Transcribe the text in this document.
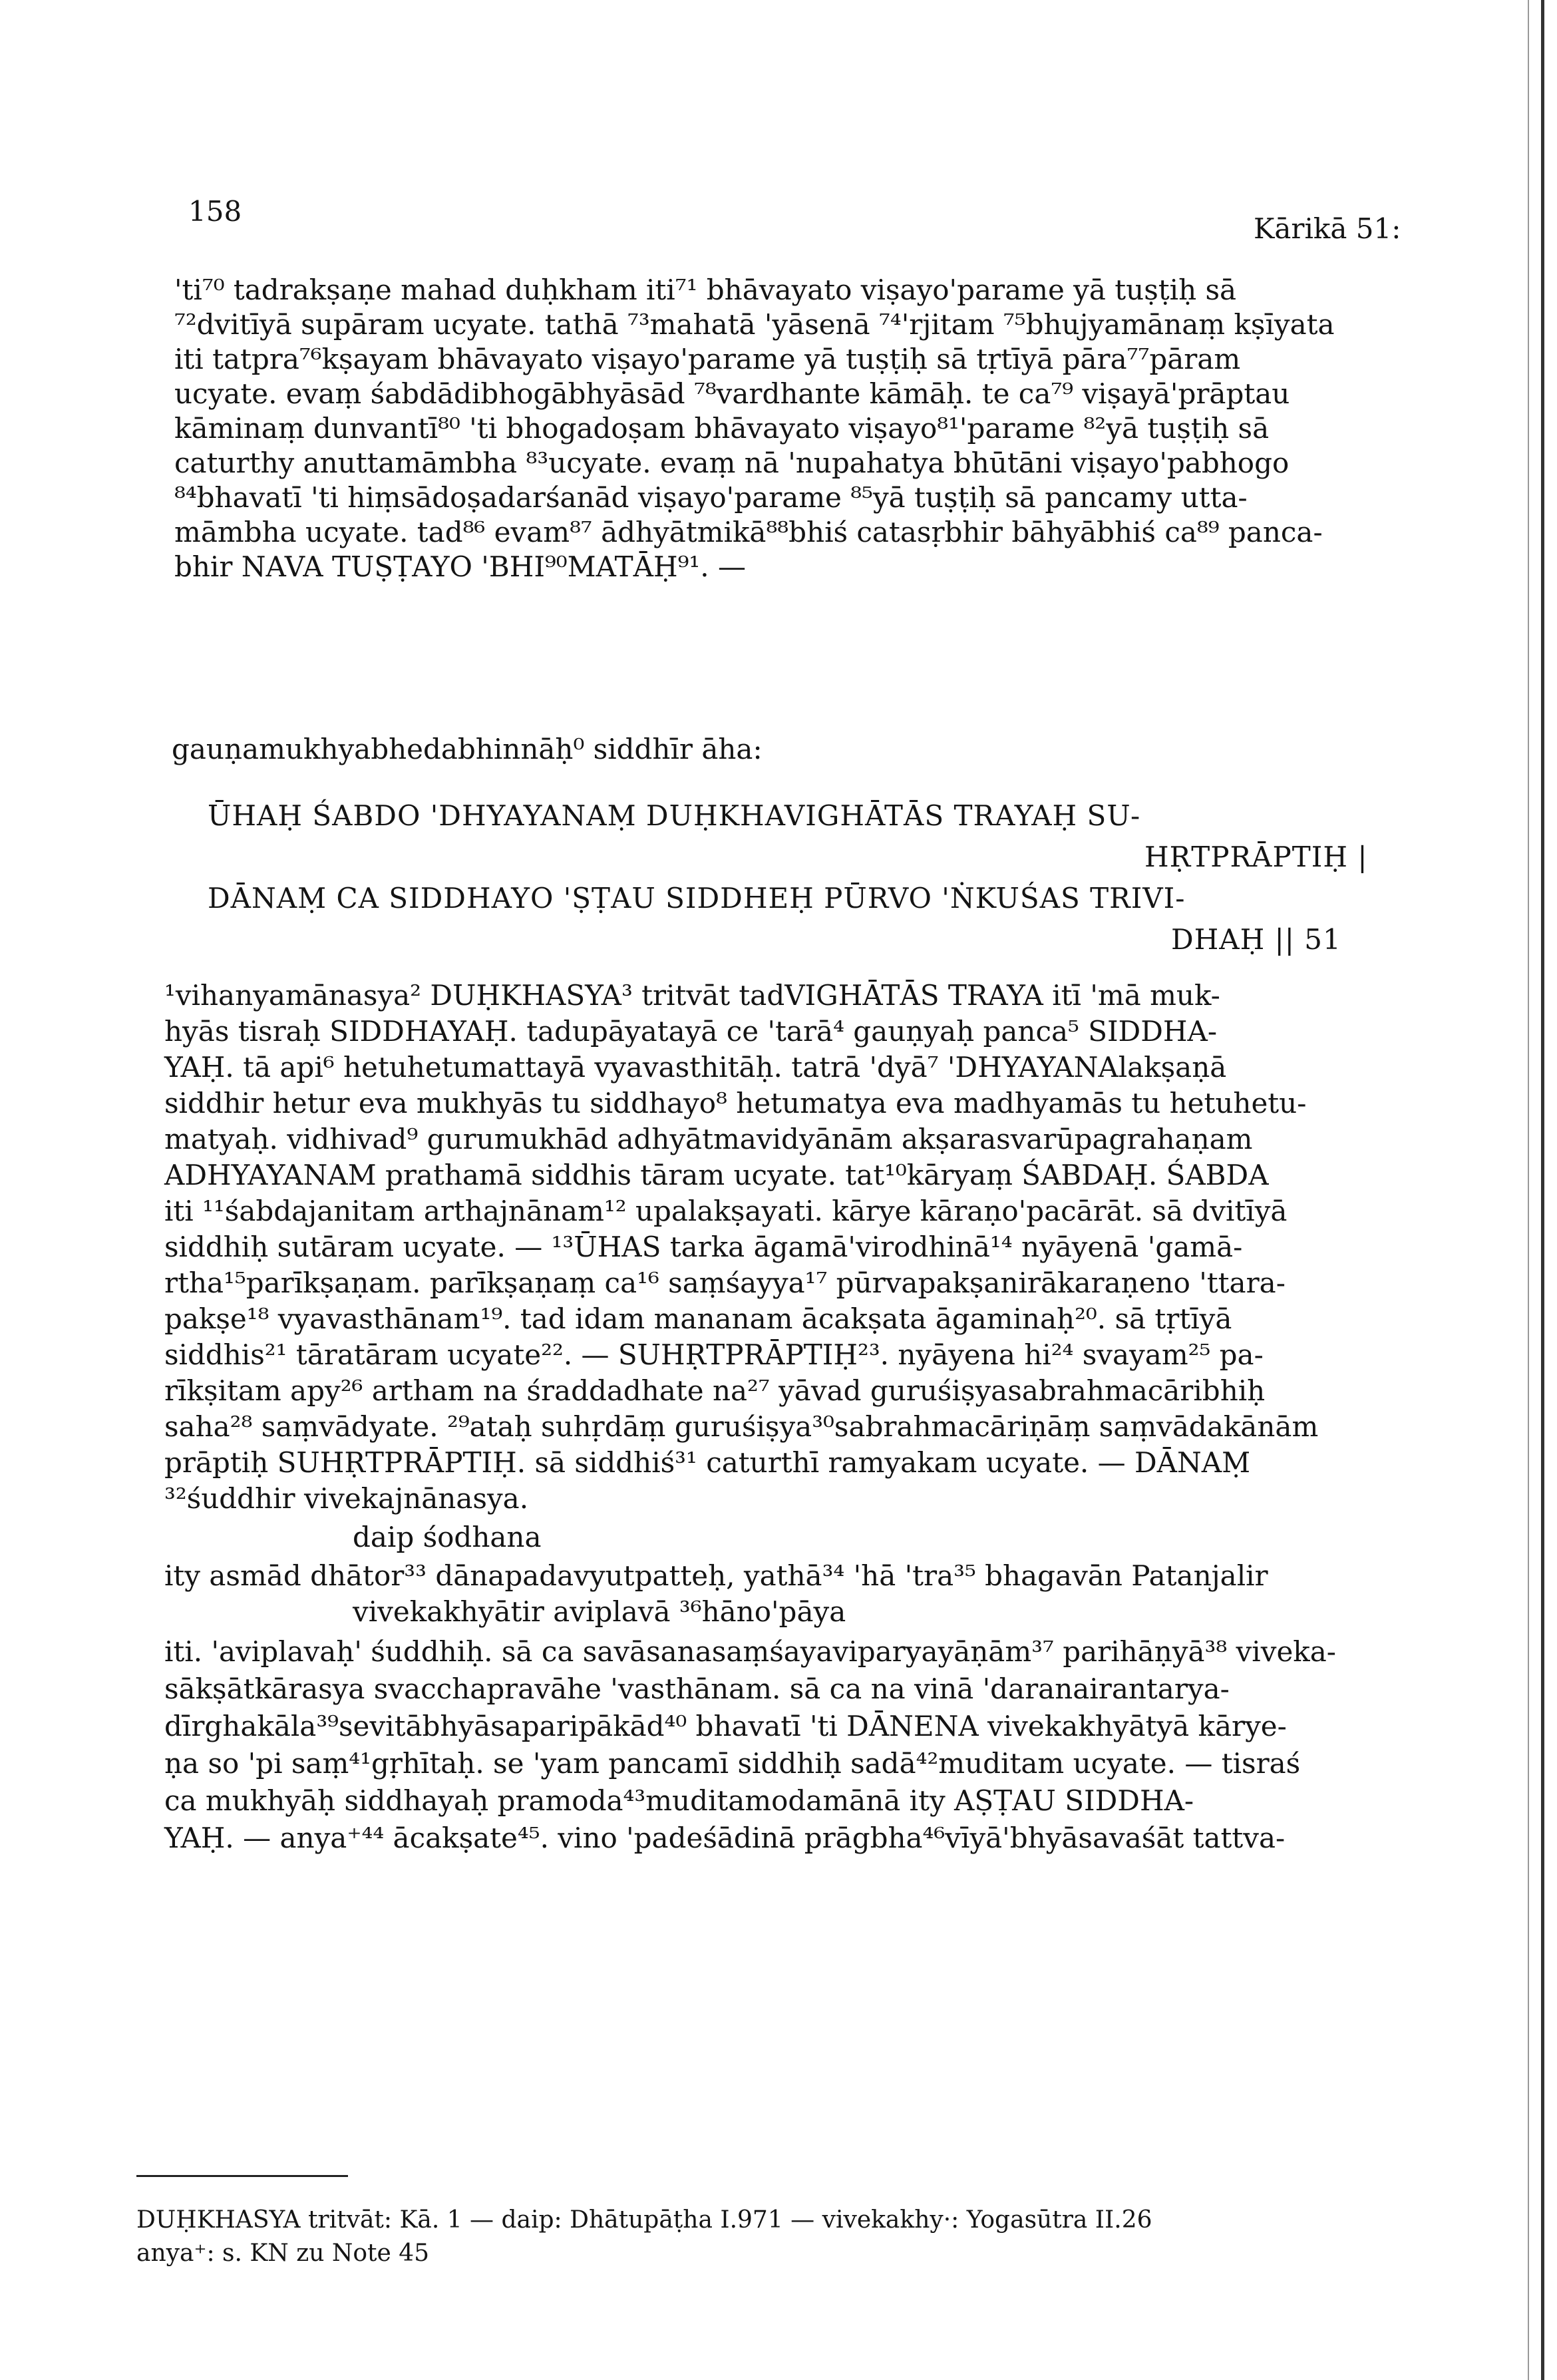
158
Kārikā 51:
'ti⁷⁰ tadrakṣaṇe mahad duḥkham iti⁷¹ bhāvayato viṣayo'parame yā tuṣṭiḥ sā
⁷²dvitīyā supāram ucyate. tathā ⁷³mahatā 'yāsenā ⁷⁴'rjitam ⁷⁵bhujyamānaṃ kṣīyata
iti tatpra⁷⁶kṣayam bhāvayato viṣayo'parame yā tuṣṭiḥ sā tṛtīyā pāra⁷⁷pāram
ucyate. evaṃ śabdādibhogābhyāsād ⁷⁸vardhante kāmāḥ. te ca⁷⁹ viṣayā'prāptau
kāminaṃ dunvantī⁸⁰ 'ti bhogadoṣam bhāvayato viṣayo⁸¹'parame ⁸²yā tuṣṭiḥ sā
caturthy anuttamāmbha ⁸³ucyate. evaṃ nā 'nupahatya bhūtāni viṣayo'pabhogo
⁸⁴bhavatī 'ti hiṃsādoṣadarśanād viṣayo'parame ⁸⁵yā tuṣṭiḥ sā pancamy utta-
māmbha ucyate. tad⁸⁶ evam⁸⁷ ādhyātmikā⁸⁸bhiś catasṛbhir bāhyābhiś ca⁸⁹ panca-
bhir NAVA TUṢṬAYO 'BHI⁹⁰MATĀḤ⁹¹. —
gauṇamukhyabhedabhinnāḥ⁰ siddhīr āha:
ŪHAḤ ŚABDO 'DHYAYANAṂ DUḤKHAVIGHĀTĀS TRAYAḤ SU-
HṚTPRĀPTIḤ |
DĀNAṂ CA SIDDHAYO 'ṢṬAU SIDDHEḤ PŪRVO 'ṄKUŚAS TRIVI-
DHAḤ || 51
¹vihanyamānasya² DUḤKHASYA³ tritvāt tadVIGHĀTĀS TRAYA itī 'mā muk-
hyās tisraḥ SIDDHAYAḤ. tadupāyatayā ce 'tarā⁴ gauṇyaḥ panca⁵ SIDDHA-
YAḤ. tā api⁶ hetuhetumattayā vyavasthitāḥ. tatrā 'dyā⁷ 'DHYAYANAlakṣaṇā
siddhir hetur eva mukhyās tu siddhayo⁸ hetumatya eva madhyamās tu hetuhetu-
matyaḥ. vidhivad⁹ gurumukhād adhyātmavidyānām akṣarasvarūpagrahaṇam
ADHYAYANAM prathamā siddhis tāram ucyate. tat¹⁰kāryaṃ ŚABDAḤ. ŚABDA
iti ¹¹śabdajanitam arthajnānam¹² upalakṣayati. kārye kāraṇo'pacārāt. sā dvitīyā
siddhiḥ sutāram ucyate. — ¹³ŪHAS tarka āgamā'virodhinā¹⁴ nyāyenā 'gamā-
rtha¹⁵parīkṣaṇam. parīkṣaṇaṃ ca¹⁶ saṃśayya¹⁷ pūrvapakṣanirākaraṇeno 'ttara-
pakṣe¹⁸ vyavasthānam¹⁹. tad idam mananam ācakṣata āgaminaḥ²⁰. sā tṛtīyā
siddhis²¹ tāratāram ucyate²². — SUHṚTPRĀPTIḤ²³. nyāyena hi²⁴ svayam²⁵ pa-
rīkṣitam apy²⁶ artham na śraddadhate na²⁷ yāvad guruśiṣyasabrahmacāribhiḥ
saha²⁸ saṃvādyate. ²⁹ataḥ suhṛdāṃ guruśiṣya³⁰sabrahmacāriṇāṃ saṃvādakānām
prāptiḥ SUHṚTPRĀPTIḤ. sā siddhiś³¹ caturthī ramyakam ucyate. — DĀNAṂ
³²śuddhir vivekajnānasya.
daip śodhana
ity asmād dhātor³³ dānapadavyutpatteḥ, yathā³⁴ 'hā 'tra³⁵ bhagavān Patanjalir
vivekakhyātir aviplavā ³⁶hāno'pāya
iti. 'aviplavaḥ' śuddhiḥ. sā ca savāsanasaṃśayaviparyayāṇām³⁷ parihāṇyā³⁸ viveka-
sākṣātkārasya svacchapravāhe 'vasthānam. sā ca na vinā 'daranairantarya-
dīrghakāla³⁹sevitābhyāsaparipākād⁴⁰ bhavatī 'ti DĀNENA vivekakhyātyā kārye-
ṇa so 'pi saṃ⁴¹gṛhītaḥ. se 'yam pancamī siddhiḥ sadā⁴²muditam ucyate. — tisraś
ca mukhyāḥ siddhayaḥ pramoda⁴³muditamodamānā ity AṢṬAU SIDDHA-
YAḤ. — anya⁺⁴⁴ ācakṣate⁴⁵. vino 'padeśādinā prāgbha⁴⁶vīyā'bhyāsavaśāt tattva-
DUḤKHASYA tritvāt: Kā. 1 — daip: Dhātupāṭha I.971 — vivekakhy·: Yogasūtra II.26
anya⁺: s. KN zu Note 45
